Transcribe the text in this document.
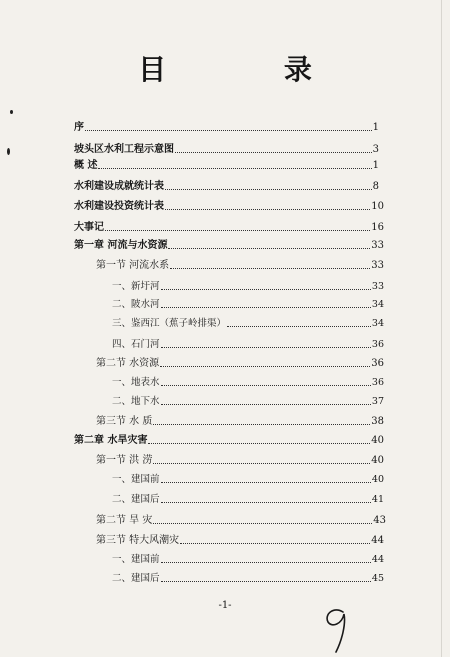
目 录
序	1
坡头区水利工程示意图	3
概 述	1
水利建设成就统计表	8
水利建设投资统计表	10
大事记	16
第一章 河流与水资源	33
第一节 河流水系	33
一、新圩河	33
二、陂水河	34
三、鉴西江（蕉子岭排渠）	34
四、石门河	36
第二节 水资源	36
一、地表水	36
二、地下水	37
第三节 水 质	38
第二章 水旱灾害	40
第一节 洪 涝	40
一、建国前	40
二、建国后	41
第二节 旱 灾	43
第三节 特大风潮灾	44
一、建国前	44
二、建国后	45
-1-
